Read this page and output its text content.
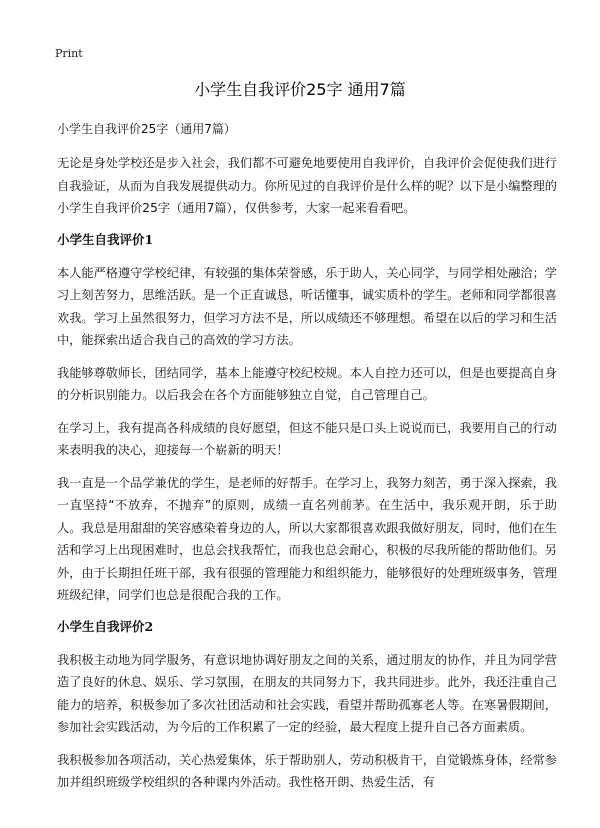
Print
小学生自我评价25字 通用7篇

小学生自我评价25字（通用7篇）

无论是身处学校还是步入社会，我们都不可避免地要使用自我评价，自我评价会促使我们进行自我验证，从而为自我发展提供动力。你所见过的自我评价是什么样的呢？以下是小编整理的小学生自我评价25字（通用7篇），仅供参考，大家一起来看看吧。

小学生自我评价1

本人能严格遵守学校纪律，有较强的集体荣誉感，乐于助人，关心同学，与同学相处融洽；学习上刻苦努力，思维活跃。是一个正直诚恳，听话懂事，诚实质朴的学生。老师和同学都很喜欢我。学习上虽然很努力，但学习方法不是，所以成绩还不够理想。希望在以后的学习和生活中，能探索出适合我自己的高效的学习方法。

我能够尊敬师长，团结同学，基本上能遵守校纪校规。本人自控力还可以，但是也要提高自身的分析识别能力。以后我会在各个方面能够独立自觉，自己管理自己。

在学习上，我有提高各科成绩的良好愿望，但这不能只是口头上说说而已，我要用自己的行动来表明我的决心，迎接每一个崭新的明天！

我一直是一个品学兼优的学生，是老师的好帮手。在学习上，我努力刻苦，勇于深入探索，我一直坚持“不放弃，不抛弃”的原则，成绩一直名列前茅。在生活中，我乐观开朗，乐于助人。我总是用甜甜的笑容感染着身边的人，所以大家都很喜欢跟我做好朋友，同时，他们在生活和学习上出现困难时，也总会找我帮忙，而我也总会耐心，积极的尽我所能的帮助他们。另外，由于长期担任班干部，我有很强的管理能力和组织能力，能够很好的处理班级事务，管理班级纪律，同学们也总是很配合我的工作。

小学生自我评价2

我积极主动地为同学服务，有意识地协调好朋友之间的关系，通过朋友的协作，并且为同学营造了良好的休息、娱乐、学习氛围，在朋友的共同努力下，我共同进步。此外，我还注重自己能力的培养，积极参加了多次社团活动和社会实践，看望并帮助孤寡老人等。在寒暑假期间，参加社会实践活动，为今后的工作积累了一定的经验，最大程度上提升自己各方面素质。

我积极参加各项活动，关心热爱集体，乐于帮助别人，劳动积极肯干，自觉锻炼身体，经常参加并组织班级学校组织的各种课内外活动。我性格开朗、热爱生活，有
